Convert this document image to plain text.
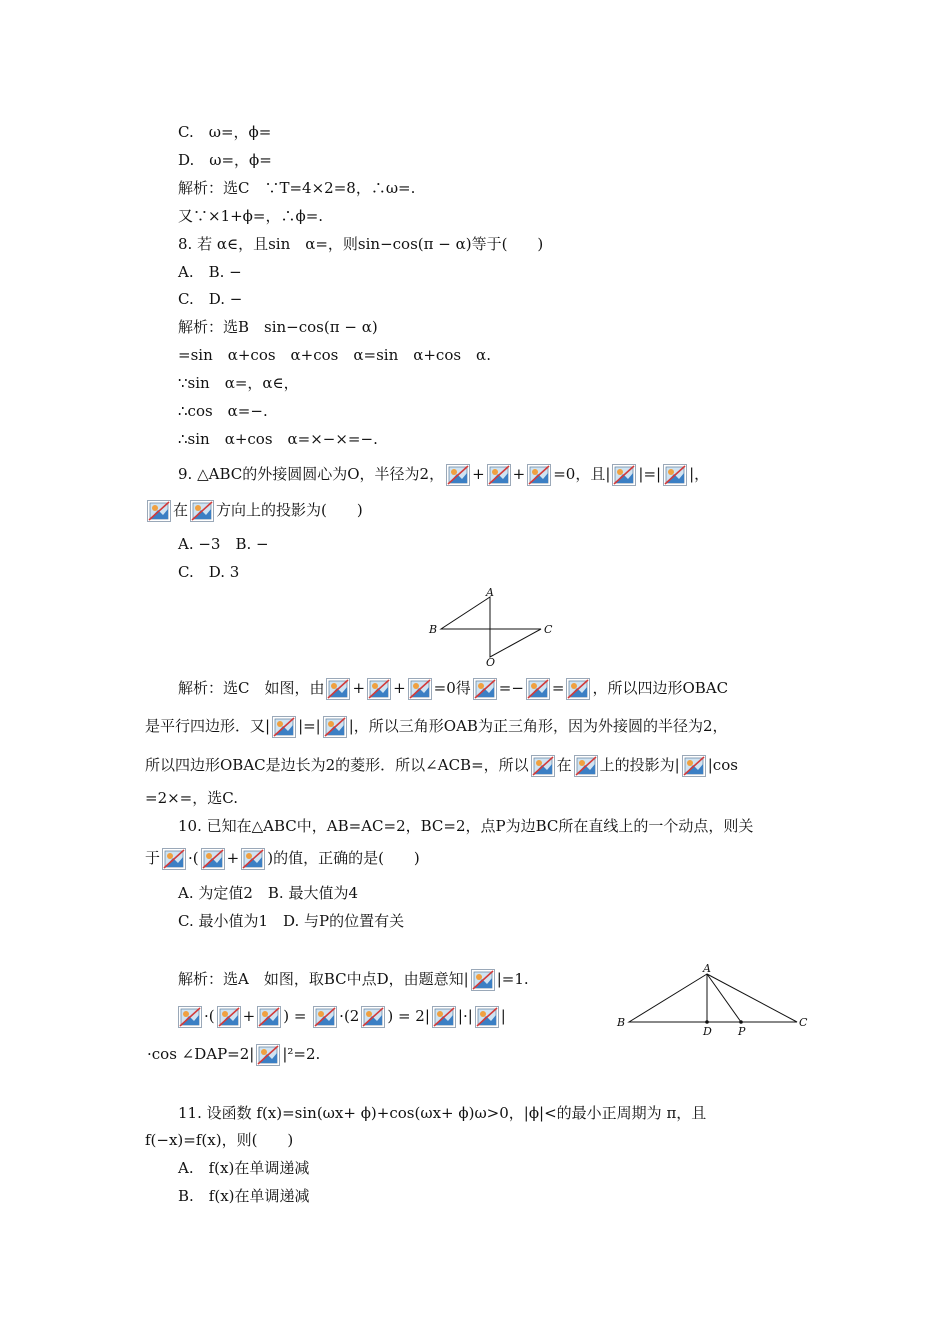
C.　ω=，ϕ=
D.　ω=，ϕ=
解析：选C　∵T=4×2=8，∴ω=.
又∵×1+ϕ=，∴ϕ=.
8. 若 α∈，且sin　α=，则sin−cos(π − α)等于(　　)
A.　B. −
C.　D. −
解析：选B　sin−cos(π − α)
=sin　α+cos　α+cos　α=sin　α+cos　α.
∵sin　α=，α∈，
∴cos　α=−.
∴sin　α+cos　α=×−×=−.
9. △ABC的外接圆圆心为O，半径为2， + + =0，且| |=| |，
在 方向上的投影为(　　)
A. −3　B. −
C.　D. 3
A
B	C
O
解析：选C　如图，由 + + =0得 =− = ，所以四边形OBAC
是平行四边形．又| |=| |，所以三角形OAB为正三角形，因为外接圆的半径为2，
所以四边形OBAC是边长为2的菱形．所以∠ACB=，所以 在 上的投影为| |cos
=2×=，选C.
10. 已知在△ABC中，AB=AC=2，BC=2，点P为边BC所在直线上的一个动点，则关
于 ·( + )的值，正确的是(　　)
A. 为定值2　B. 最大值为4
C. 最小值为1　D. 与P的位置有关
解析：选A　如图，取BC中点D，由题意知| |=1.
·( + ) =
·(2 ) = 2| |·| |
·cos ∠DAP=2| |²=2.
A
B	C
D P
11. 设函数 f(x)=sin(ωx+ ϕ)+cos(ωx+ ϕ)ω>0，|ϕ|<的最小正周期为 π，且
f(−x)=f(x)，则(　　)
A.　f(x)在单调递减
B.　f(x)在单调递减
